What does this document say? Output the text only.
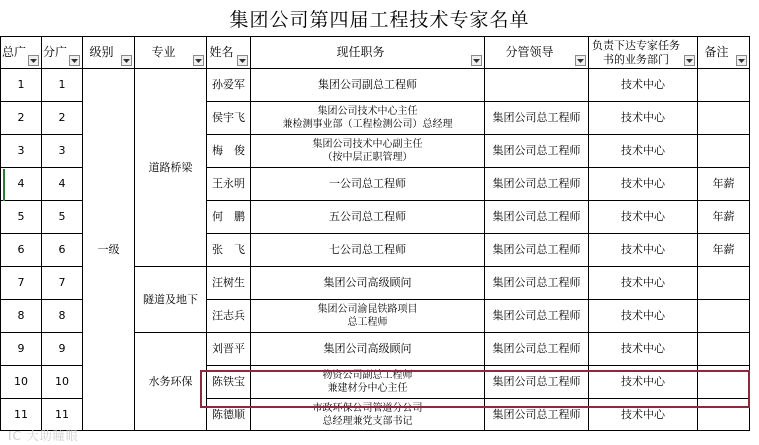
集团公司第四届工程技术专家名单
总广	分广	级别	专业	姓名	现任职务	分管领导	负责下达专家任务
书的业务部门	备注

1	1	一级	道路桥梁	孙爱军	集团公司副总工程师		技术中心	
2	2			侯宇飞	集团公司技术中心主任
兼检测事业部（工程检测公司）总经理	集团公司总工程师	技术中心	
3	3			梅　俊	集团公司技术中心副主任
（按中层正职管理）	集团公司总工程师	技术中心	
4	4			王永明	一公司总工程师	集团公司总工程师	技术中心	年薪
5	5			何　鹏	五公司总工程师	集团公司总工程师	技术中心	年薪
6	6			张　飞	七公司总工程师	集团公司总工程师	技术中心	年薪
7	7		隧道及地下	汪树生	集团公司高级顾问	集团公司总工程师	技术中心	
8	8			汪志兵	集团公司渝昆铁路项目
总工程师	集团公司总工程师	技术中心	
9	9		水务环保	刘晋平	集团公司高级顾问	集团公司总工程师	技术中心	
10	10			陈铁宝	物资公司副总工程师
兼建材分中心主任	集团公司总工程师	技术中心	
11	11			陈德顺	市政环保公司管道分公司
总经理兼党支部书记	集团公司总工程师	技术中心	
IC 大助瞳眼
